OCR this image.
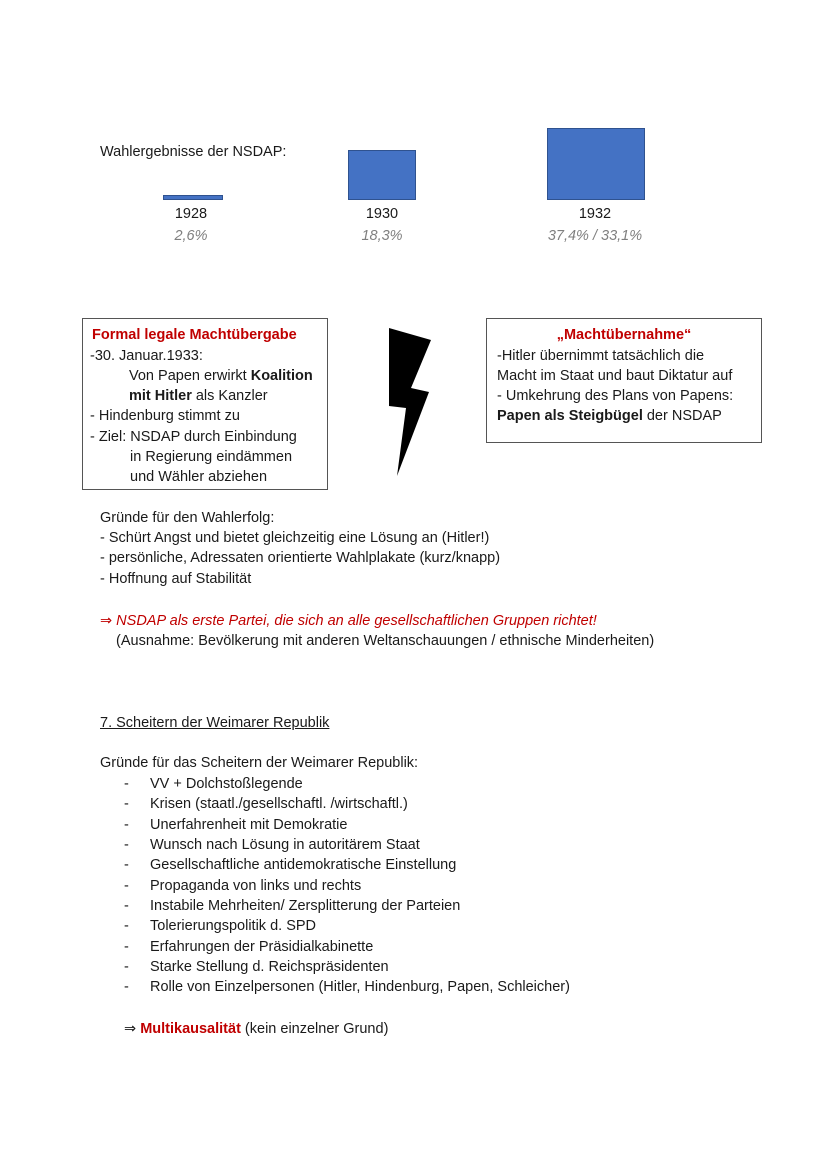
Wahlergebnisse der NSDAP:
1928	1930	1932
2,6%	18,3%	37,4% / 33,1%
Formal legale Machtübergabe
-30. Januar.1933:
Von Papen erwirkt Koalition
mit Hitler als Kanzler
- Hindenburg stimmt zu
- Ziel: NSDAP durch Einbindung
in Regierung eindämmen
und Wähler abziehen
„Machtübernahme“
-Hitler übernimmt tatsächlich die
Macht im Staat und baut Diktatur auf
- Umkehrung des Plans von Papens:
Papen als Steigbügel der NSDAP
Gründe für den Wahlerfolg:
- Schürt Angst und bietet gleichzeitig eine Lösung an (Hitler!)
- persönliche, Adressaten orientierte Wahlplakate (kurz/knapp)
- Hoffnung auf Stabilität
⇒ NSDAP als erste Partei, die sich an alle gesellschaftlichen Gruppen richtet!
(Ausnahme: Bevölkerung mit anderen Weltanschauungen / ethnische Minderheiten)
7. Scheitern der Weimarer Republik
Gründe für das Scheitern der Weimarer Republik:
- VV + Dolchstoßlegende
- Krisen (staatl./gesellschaftl. /wirtschaftl.)
- Unerfahrenheit mit Demokratie
- Wunsch nach Lösung in autoritärem Staat
- Gesellschaftliche antidemokratische Einstellung
- Propaganda von links und rechts
- Instabile Mehrheiten/ Zersplitterung der Parteien
- Tolerierungspolitik d. SPD
- Erfahrungen der Präsidialkabinette
- Starke Stellung d. Reichspräsidenten
- Rolle von Einzelpersonen (Hitler, Hindenburg, Papen, Schleicher)
⇒ Multikausalität (kein einzelner Grund)
